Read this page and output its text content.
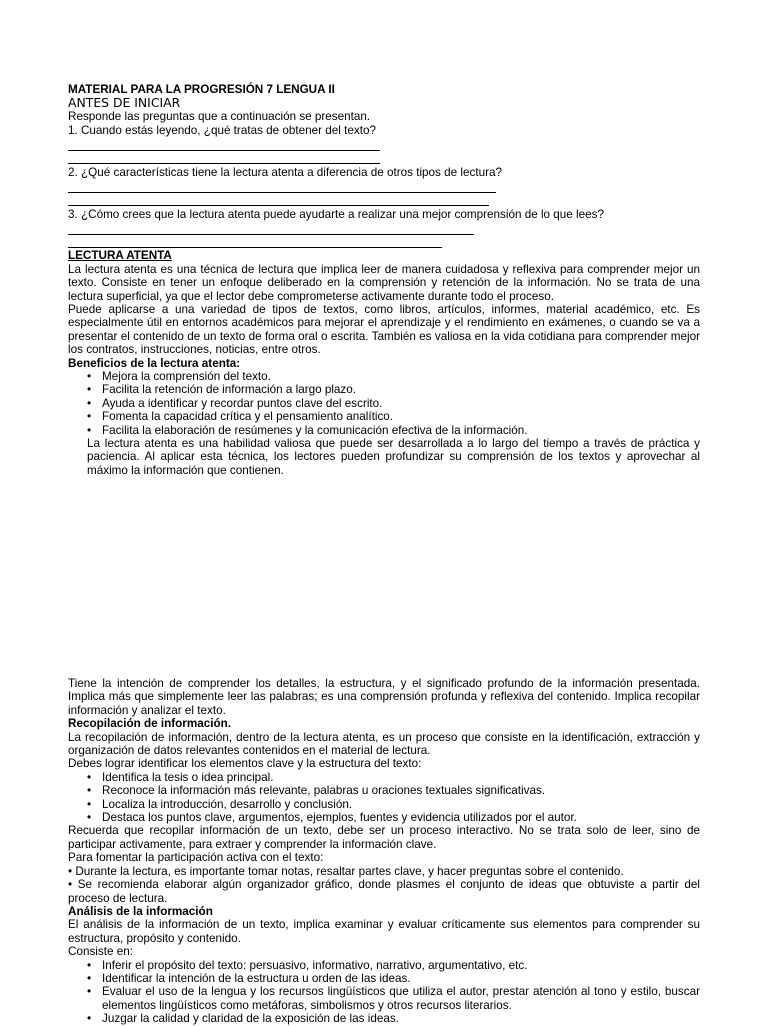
MATERIAL PARA LA PROGRESIÓN 7 LENGUA II

ANTES DE INICIAR

Responde las preguntas que a continuación se presentan.

1. Cuando estás leyendo, ¿qué tratas de obtener del texto?

2. ¿Qué características tiene la lectura atenta a diferencia de otros tipos de lectura?

3. ¿Cómo crees que la lectura atenta puede ayudarte a realizar una mejor comprensión de lo que lees?

LECTURA ATENTA

La lectura atenta es una técnica de lectura que implica leer de manera cuidadosa y reflexiva para comprender mejor un texto. Consiste en tener un enfoque deliberado en la comprensión y retención de la información. No se trata de una lectura superficial, ya que el lector debe comprometerse activamente durante todo el proceso.

Puede aplicarse a una variedad de tipos de textos, como libros, artículos, informes, material académico, etc. Es especialmente útil en entornos académicos para mejorar el aprendizaje y el rendimiento en exámenes, o cuando se va a presentar el contenido de un texto de forma oral o escrita. También es valiosa en la vida cotidiana para comprender mejor los contratos, instrucciones, noticias, entre otros.

Beneficios de la lectura atenta:

• Mejora la comprensión del texto.
• Facilita la retención de información a largo plazo.
• Ayuda a identificar y recordar puntos clave del escrito.
• Fomenta la capacidad crítica y el pensamiento analítico.
• Facilita la elaboración de resúmenes y la comunicación efectiva de la información.

La lectura atenta es una habilidad valiosa que puede ser desarrollada a lo largo del tiempo a través de práctica y paciencia. Al aplicar esta técnica, los lectores pueden profundizar su comprensión de los textos y aprovechar al máximo la información que contienen.

Tiene la intención de comprender los detalles, la estructura, y el significado profundo de la información presentada. Implica más que simplemente leer las palabras; es una comprensión profunda y reflexiva del contenido. Implica recopilar información y analizar el texto.

Recopilación de información.

La recopilación de información, dentro de la lectura atenta, es un proceso que consiste en la identificación, extracción y organización de datos relevantes contenidos en el material de lectura.

Debes lograr identificar los elementos clave y la estructura del texto:

• Identifica la tesis o idea principal.
• Reconoce la información más relevante, palabras u oraciones textuales significativas.
• Localiza la introducción, desarrollo y conclusión.
• Destaca los puntos clave, argumentos, ejemplos, fuentes y evidencia utilizados por el autor.

Recuerda que recopilar información de un texto, debe ser un proceso interactivo. No se trata solo de leer, sino de participar activamente, para extraer y comprender la información clave.

Para fomentar la participación activa con el texto:

• Durante la lectura, es importante tomar notas, resaltar partes clave, y hacer preguntas sobre el contenido.

• Se recomienda elaborar algún organizador gráfico, donde plasmes el conjunto de ideas que obtuviste a partir del proceso de lectura.

Análisis de la información

El análisis de la información de un texto, implica examinar y evaluar críticamente sus elementos para comprender su estructura, propósito y contenido.

Consiste en:

• Inferir el propósito del texto: persuasivo, informativo, narrativo, argumentativo, etc.
• Identificar la intención de la estructura u orden de las ideas.
• Evaluar el uso de la lengua y los recursos lingüísticos que utiliza el autor, prestar atención al tono y estilo, buscar elementos lingüísticos como metáforas, simbolismos y otros recursos literarios.
• Juzgar la calidad y claridad de la exposición de las ideas.
